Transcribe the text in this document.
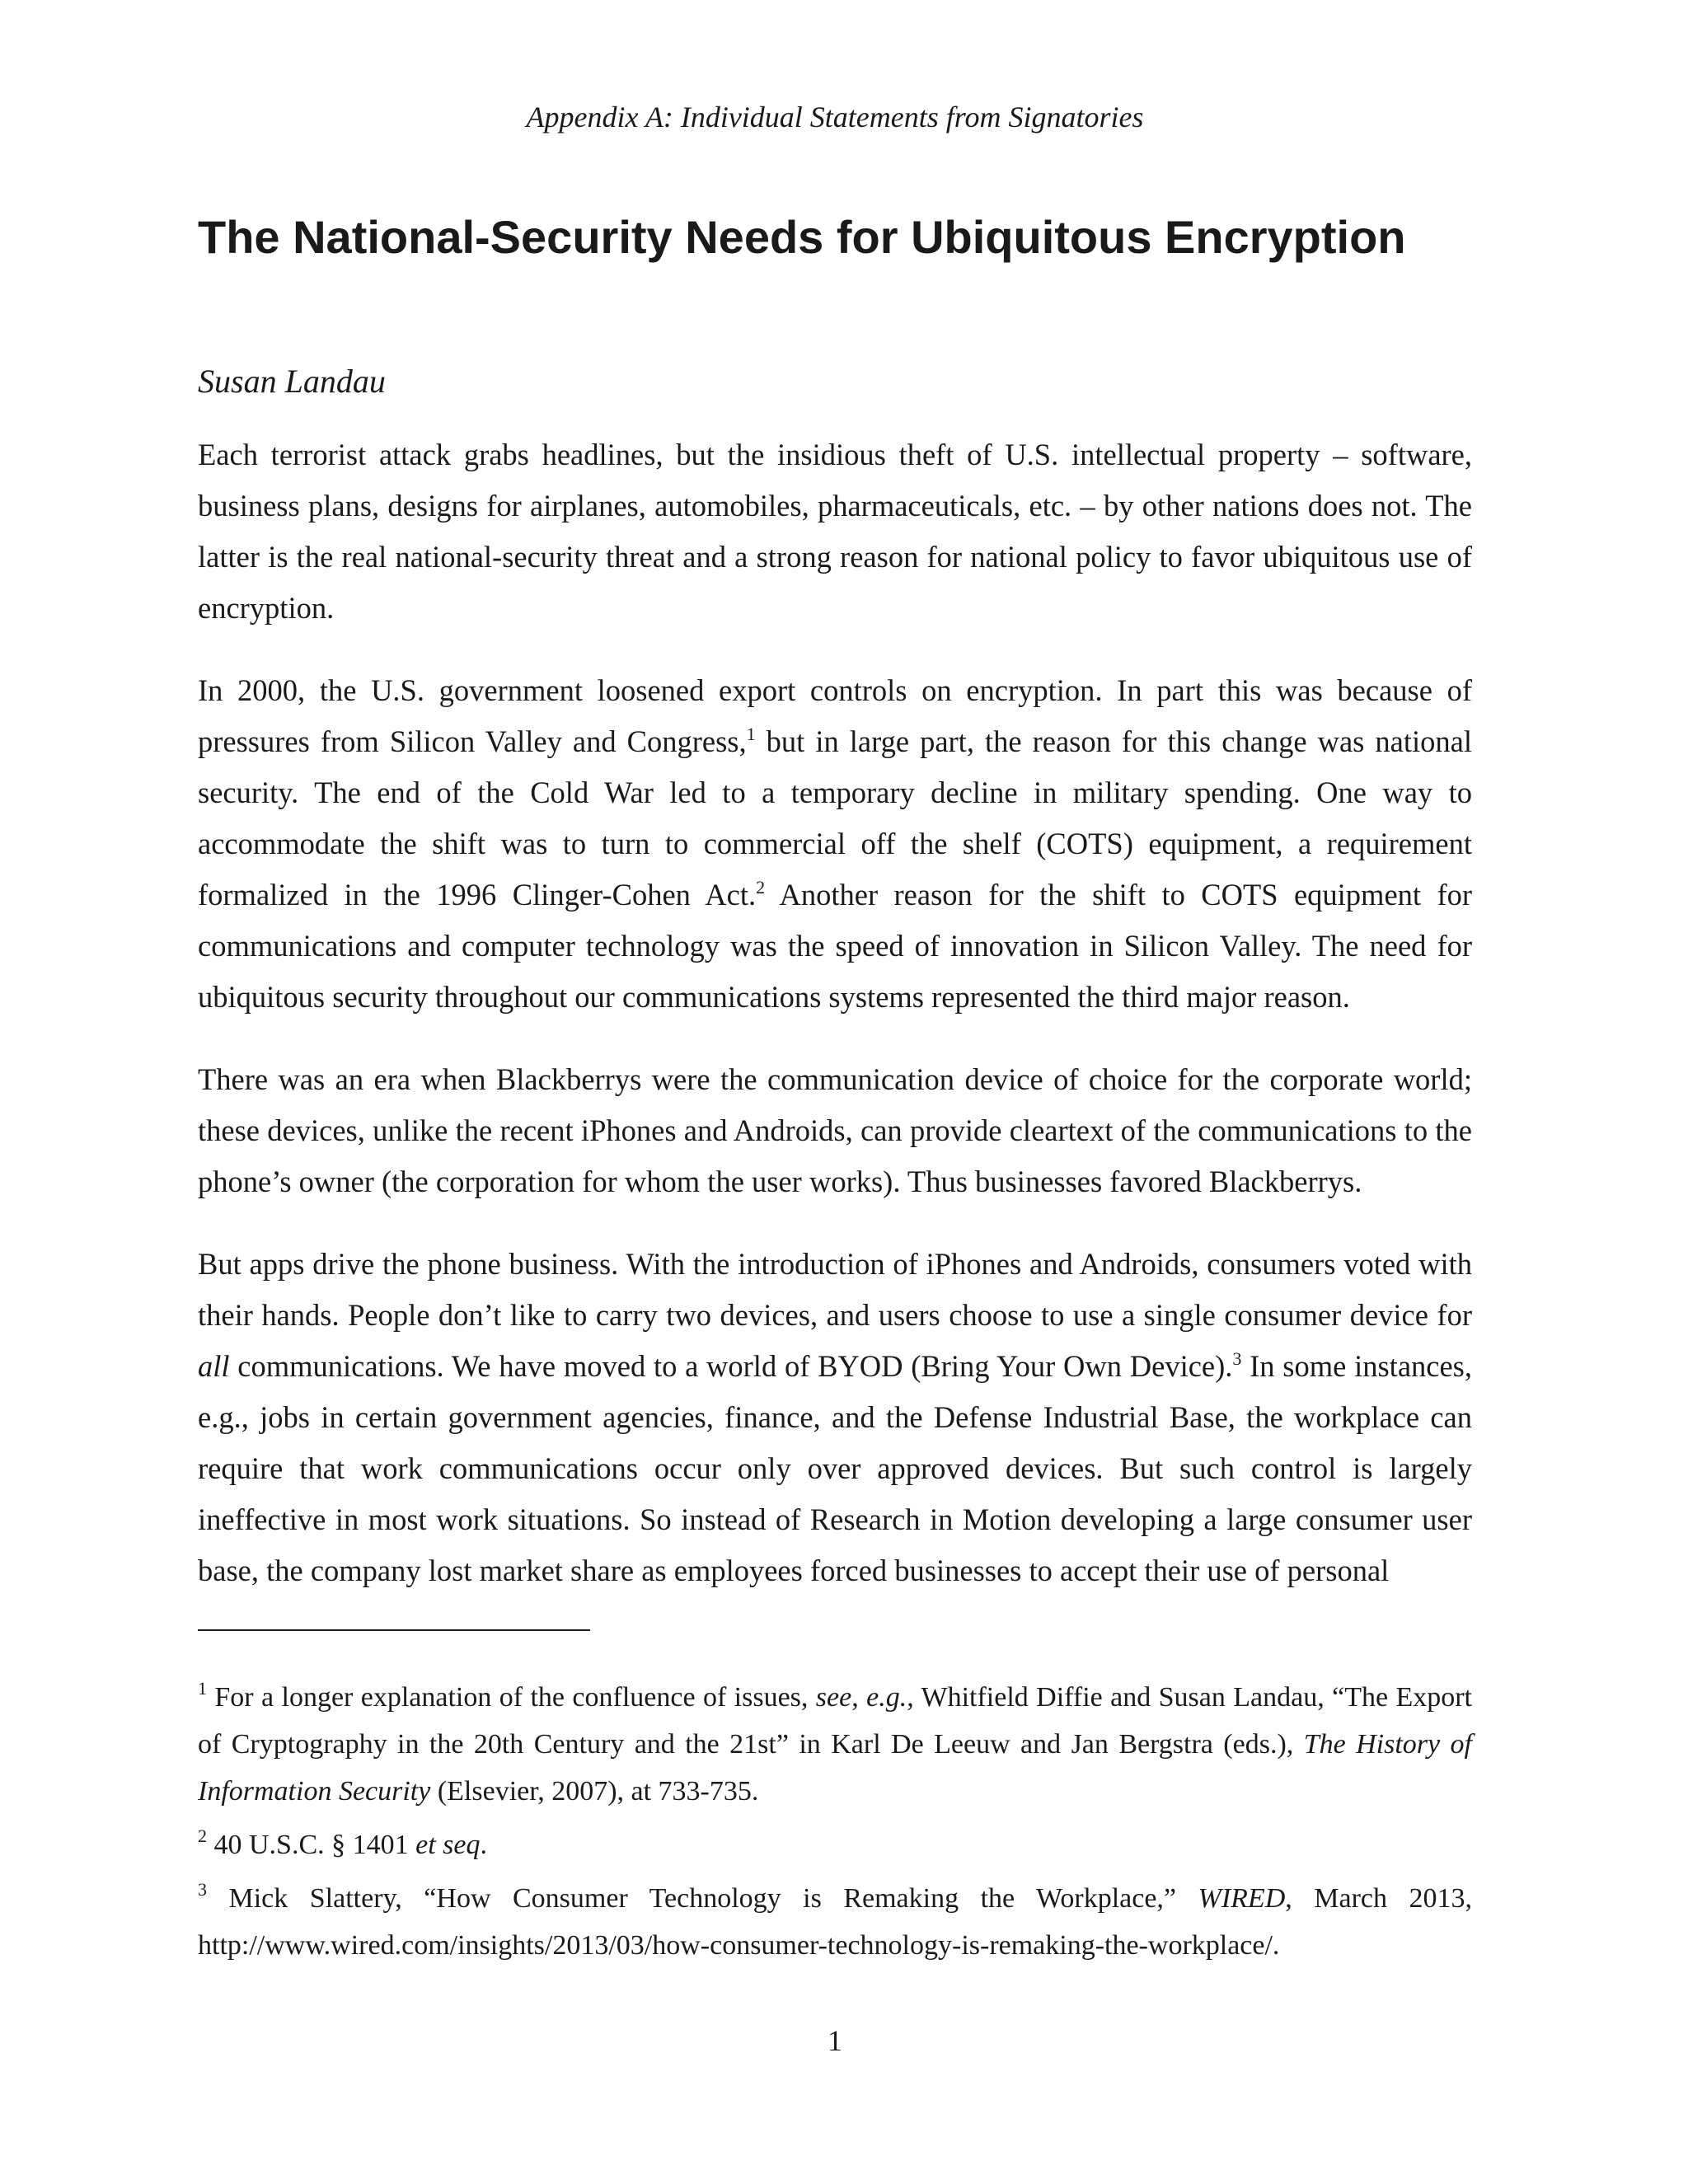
Appendix A: Individual Statements from Signatories
The National-Security Needs for Ubiquitous Encryption
Susan Landau

Each terrorist attack grabs headlines, but the insidious theft of U.S. intellectual property – software, business plans, designs for airplanes, automobiles, pharmaceuticals, etc. – by other nations does not. The latter is the real national-security threat and a strong reason for national policy to favor ubiquitous use of encryption.

In 2000, the U.S. government loosened export controls on encryption. In part this was because of pressures from Silicon Valley and Congress,$^1$ but in large part, the reason for this change was national security. The end of the Cold War led to a temporary decline in military spending. One way to accommodate the shift was to turn to commercial off the shelf (COTS) equipment, a requirement formalized in the 1996 Clinger-Cohen Act.$^2$ Another reason for the shift to COTS equipment for communications and computer technology was the speed of innovation in Silicon Valley. The need for ubiquitous security throughout our communications systems represented the third major reason.

There was an era when Blackberrys were the communication device of choice for the corporate world; these devices, unlike the recent iPhones and Androids, can provide cleartext of the communications to the phone’s owner (the corporation for whom the user works). Thus businesses favored Blackberrys.

But apps drive the phone business. With the introduction of iPhones and Androids, consumers voted with their hands. People don’t like to carry two devices, and users choose to use a single consumer device for all communications. We have moved to a world of BYOD (Bring Your Own Device).$^3$ In some instances, e.g., jobs in certain government agencies, finance, and the Defense Industrial Base, the workplace can require that work communications occur only over approved devices. But such control is largely ineffective in most work situations. So instead of Research in Motion developing a large consumer user base, the company lost market share as employees forced businesses to accept their use of personal

$^1$ For a longer explanation of the confluence of issues, see, e.g., Whitfield Diffie and Susan Landau, “The Export of Cryptography in the 20th Century and the 21st” in Karl De Leeuw and Jan Bergstra (eds.), The History of Information Security (Elsevier, 2007), at 733-735.

$^2$ 40 U.S.C. § 1401 et seq.

$^3$ Mick Slattery, “How Consumer Technology is Remaking the Workplace,” WIRED, March 2013, http://www.wired.com/insights/2013/03/how-consumer-technology-is-remaking-the-workplace/.

1
